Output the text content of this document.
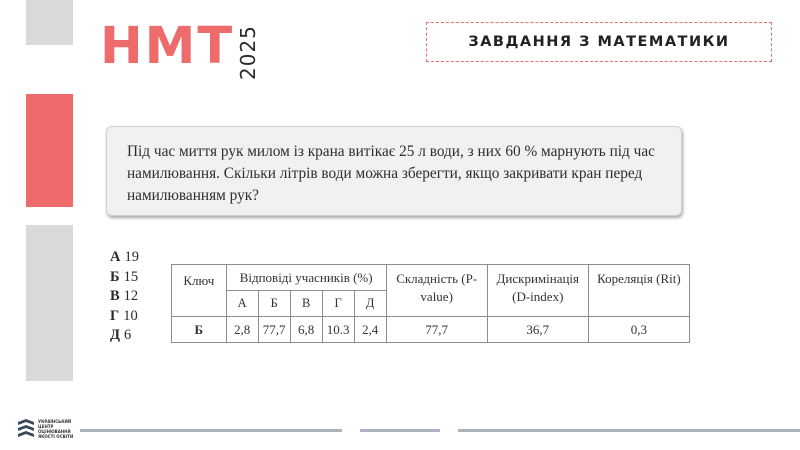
НМТ 2025	ЗАВДАННЯ З МАТЕМАТИКИ
Під час миття рук милом із крана витікає 25 л води, з них 60 % марнують під час намилювання. Скільки літрів води можна зберегти, якщо закривати кран перед намилюванням рук?
А 19
Б 15
В 12
Г 10
Д 6
Ключ	Відповіді учасників (%)					Складність (P-value)	Дискримінація (D-index)	Кореляція (Rit)
	А	Б	В	Г	Д			
Б	2,8	77,7	6,8	10.3	2,4	77,7	36,7	0,3
УКРАЇНСЬКИЙ ЦЕНТР ОЦІНЮВАННЯ ЯКОСТІ ОСВІТИ
